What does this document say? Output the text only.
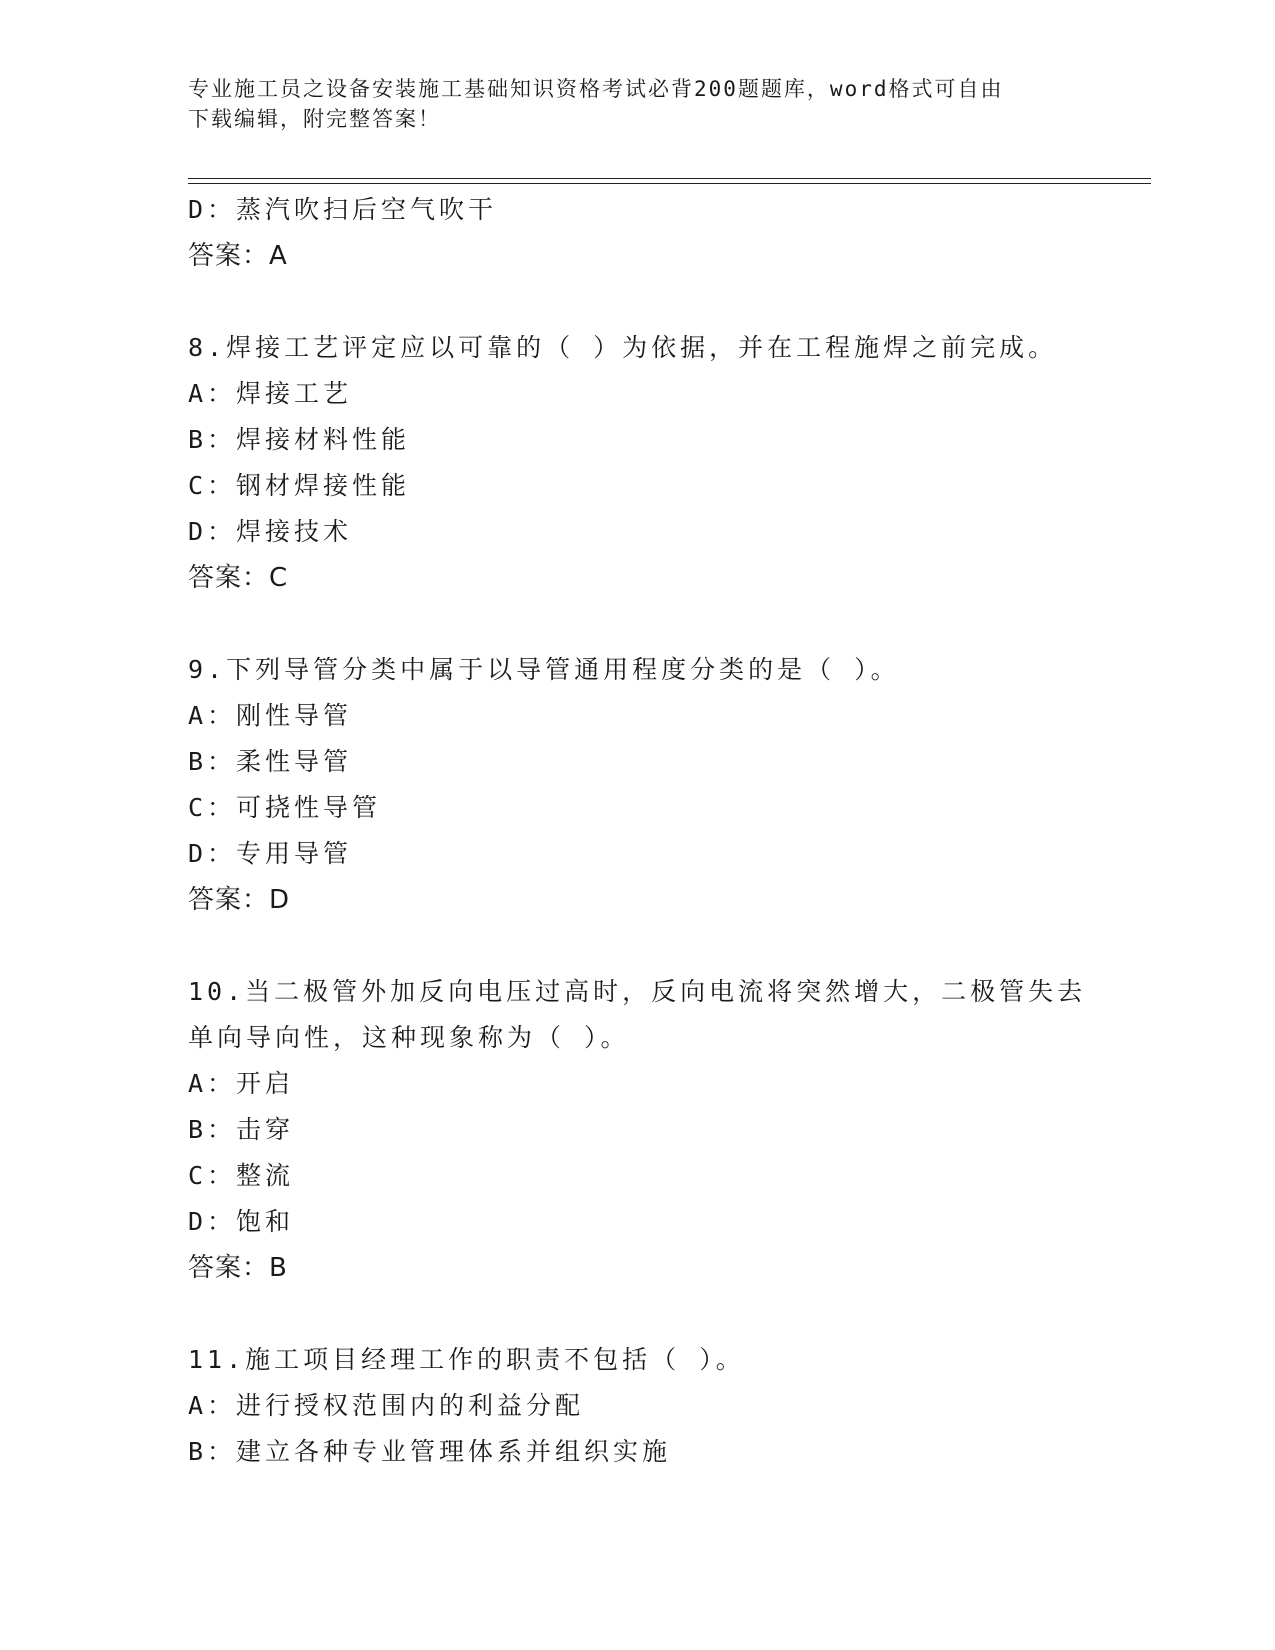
专业施工员之设备安装施工基础知识资格考试必背200题题库，word格式可自由
下载编辑，附完整答案！
D：蒸汽吹扫后空气吹干
答案：A
8.焊接工艺评定应以可靠的（ ）为依据，并在工程施焊之前完成。
A：焊接工艺
B：焊接材料性能
C：钢材焊接性能
D：焊接技术
答案：C
9.下列导管分类中属于以导管通用程度分类的是（ ）。
A：刚性导管
B：柔性导管
C：可挠性导管
D：专用导管
答案：D
10.当二极管外加反向电压过高时，反向电流将突然增大，二极管失去
单向导向性，这种现象称为（ ）。
A：开启
B：击穿
C：整流
D：饱和
答案：B
11.施工项目经理工作的职责不包括（ ）。
A：进行授权范围内的利益分配
B：建立各种专业管理体系并组织实施
